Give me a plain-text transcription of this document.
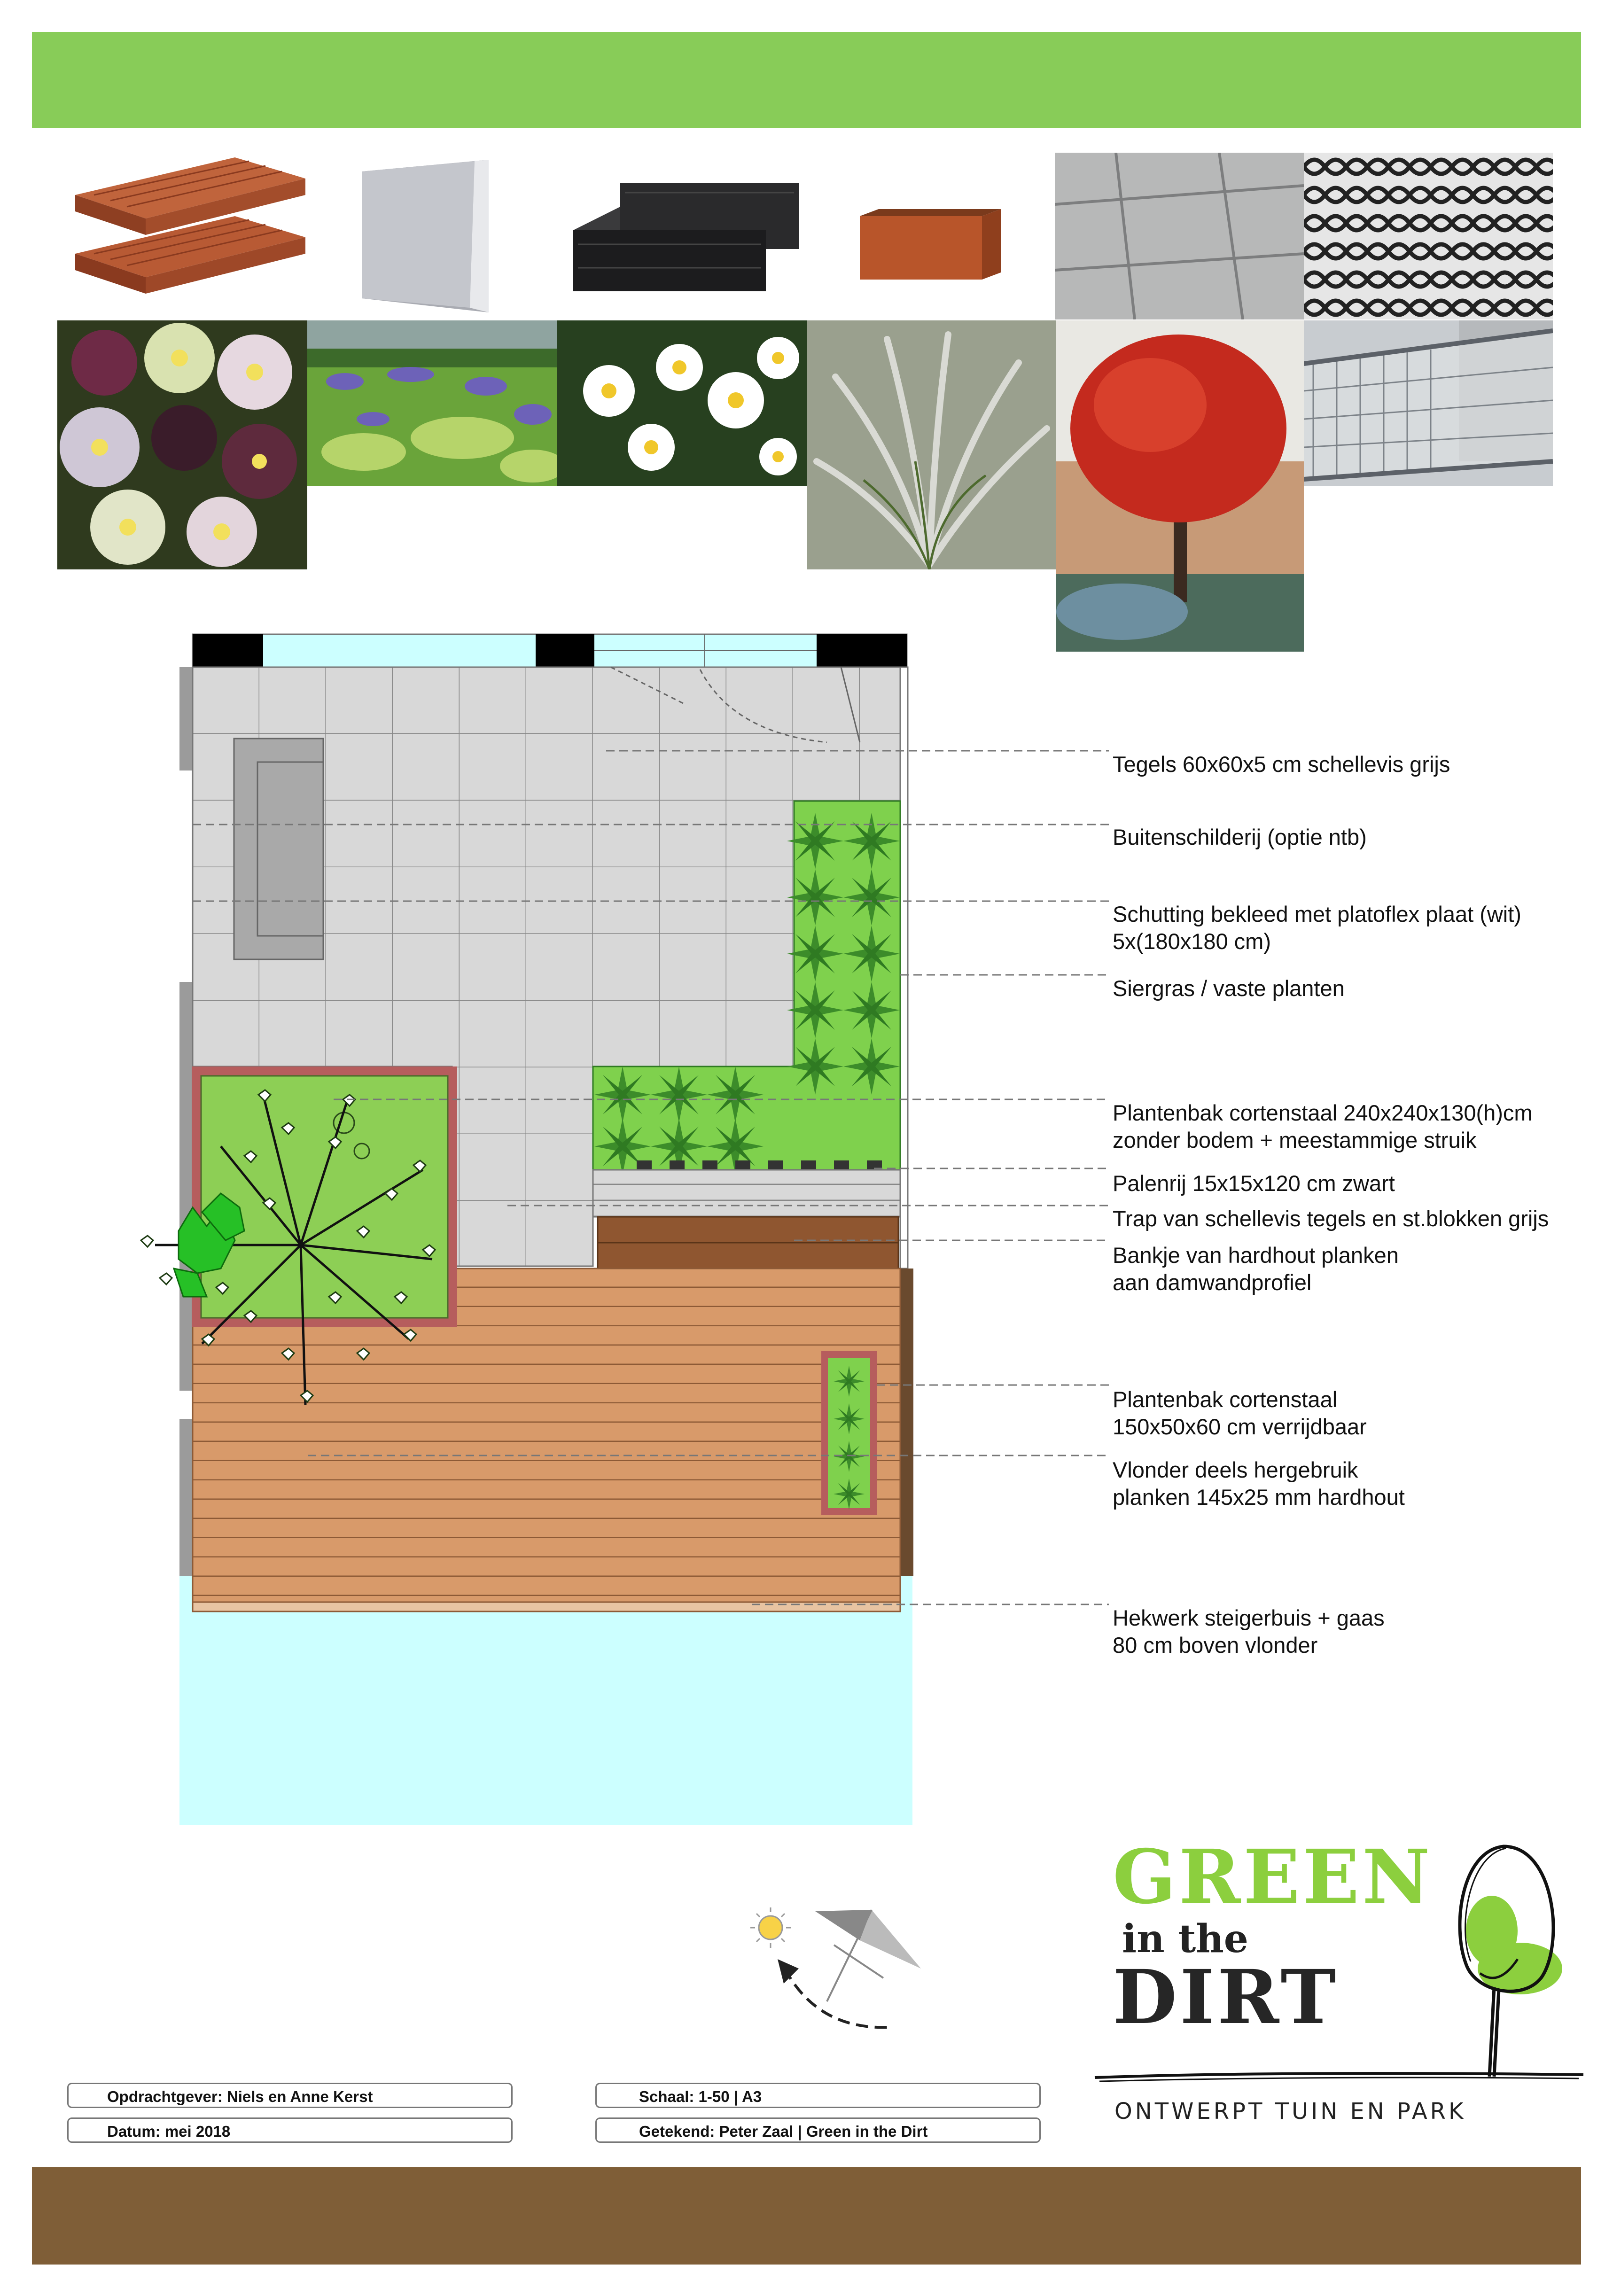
Tegels 60x60x5 cm schellevis grijs
Buitenschilderij (optie ntb)
Schutting bekleed met platoflex plaat (wit)
5x(180x180 cm)
Siergras / vaste planten
Plantenbak cortenstaal 240x240x130(h)cm
zonder bodem + meestammige struik
Palenrij 15x15x120 cm zwart
Trap van schellevis tegels en st.blokken grijs
Bankje van hardhout planken
aan damwandprofiel
Plantenbak cortenstaal
150x50x60 cm verrijdbaar
Vlonder deels hergebruik
planken 145x25 mm hardhout
Hekwerk steigerbuis + gaas
80 cm boven vlonder
Opdrachtgever: Niels en Anne Kerst
Datum: mei 2018
Schaal: 1-50 | A3
Getekend: Peter Zaal | Green in the Dirt
GREEN
in the
DIRT
ONTWERPT TUIN EN PARK
